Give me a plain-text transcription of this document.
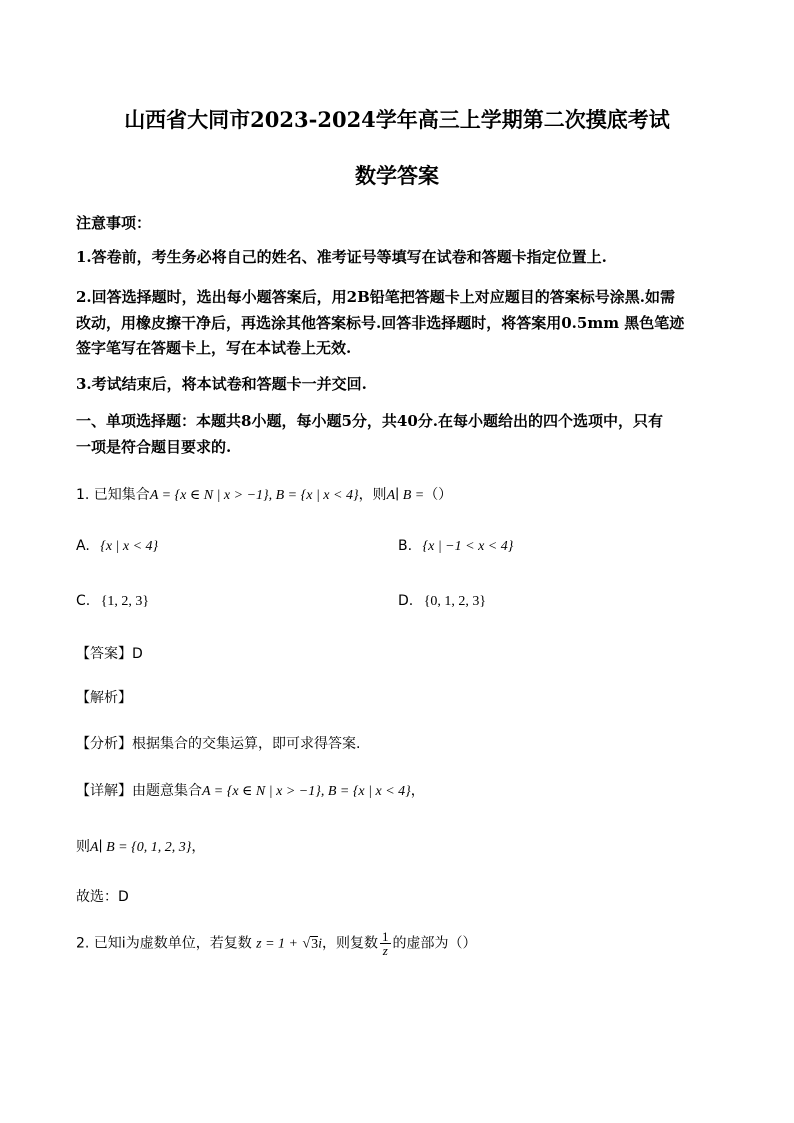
山西省大同市2023-2024学年高三上学期第二次摸底考试
数学答案
注意事项：
1.答卷前，考生务必将自己的姓名、准考证号等填写在试卷和答题卡指定位置上.
2.回答选择题时，选出每小题答案后，用2B铅笔把答题卡上对应题目的答案标号涂黑.如需
改动，用橡皮擦干净后，再选涂其他答案标号.回答非选择题时，将答案用0.5mm 黑色笔迹
签字笔写在答题卡上，写在本试卷上无效.
3.考试结束后，将本试卷和答题卡一并交回.
一、单项选择题：本题共8小题，每小题5分，共40分.在每小题给出的四个选项中，只有
一项是符合题目要求的.
1. 已知集合A = {x ∈ N | x > −1}, B = {x | x < 4}，则A∣ B =（）
A. {x | x < 4}	B. {x | −1 < x < 4}
C. {1, 2, 3}	D. {0, 1, 2, 3}
【答案】D
【解析】
【分析】根据集合的交集运算，即可求得答案.
【详解】由题意集合A = {x ∈ N | x > −1}, B = {x | x < 4}，
则A∣ B = {0, 1, 2, 3}，
故选：D
2. 已知i为虚数单位，若复数 z = 1 + √3i，则复数 $\frac{1}{z}$ 的虚部为（）
